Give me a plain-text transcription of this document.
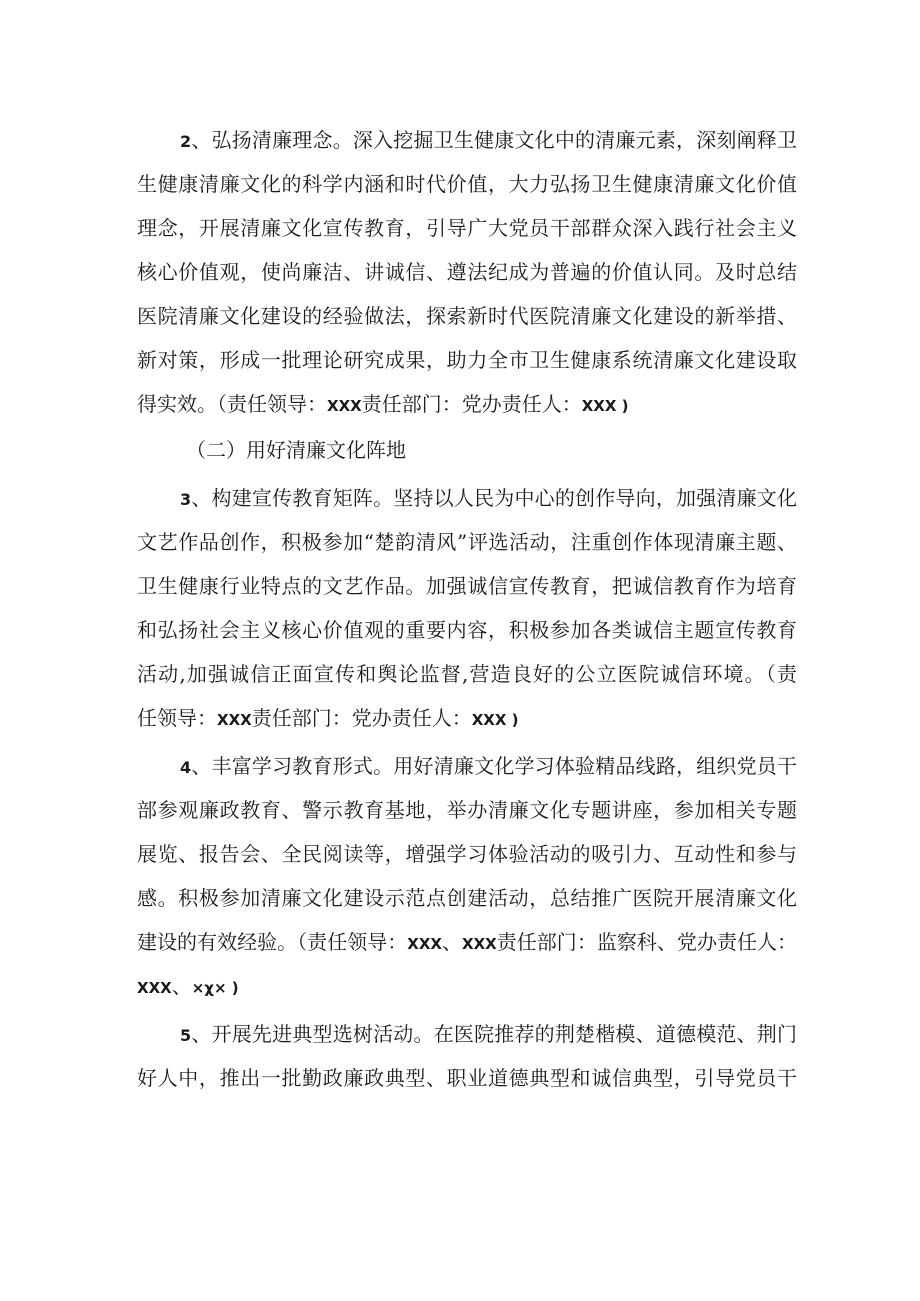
2、弘扬清廉理念。深入挖掘卫生健康文化中的清廉元素，深刻阐释卫
生健康清廉文化的科学内涵和时代价值，大力弘扬卫生健康清廉文化价值
理念，开展清廉文化宣传教育，引导广大党员干部群众深入践行社会主义
核心价值观，使尚廉洁、讲诚信、遵法纪成为普遍的价值认同。及时总结
医院清廉文化建设的经验做法，探索新时代医院清廉文化建设的新举措、
新对策，形成一批理论研究成果，助力全市卫生健康系统清廉文化建设取
得实效。（责任领导：XXX责任部门：党办责任人：XXX )
（二）用好清廉文化阵地
3、构建宣传教育矩阵。坚持以人民为中心的创作导向，加强清廉文化
文艺作品创作，积极参加“楚韵清风”评选活动，注重创作体现清廉主题、
卫生健康行业特点的文艺作品。加强诚信宣传教育，把诚信教育作为培育
和弘扬社会主义核心价值观的重要内容，积极参加各类诚信主题宣传教育
活动,加强诚信正面宣传和舆论监督,营造良好的公立医院诚信环境。（责
任领导：XXX责任部门：党办责任人：XXX )
4、丰富学习教育形式。用好清廉文化学习体验精品线路，组织党员干
部参观廉政教育、警示教育基地，举办清廉文化专题讲座，参加相关专题
展览、报告会、全民阅读等，增强学习体验活动的吸引力、互动性和参与
感。积极参加清廉文化建设示范点创建活动，总结推广医院开展清廉文化
建设的有效经验。（责任领导：XXX、XXX责任部门：监察科、党办责任人：
XXX、×χ× )
5、开展先进典型选树活动。在医院推荐的荆楚楷模、道德模范、荆门
好人中，推出一批勤政廉政典型、职业道德典型和诚信典型，引导党员干
